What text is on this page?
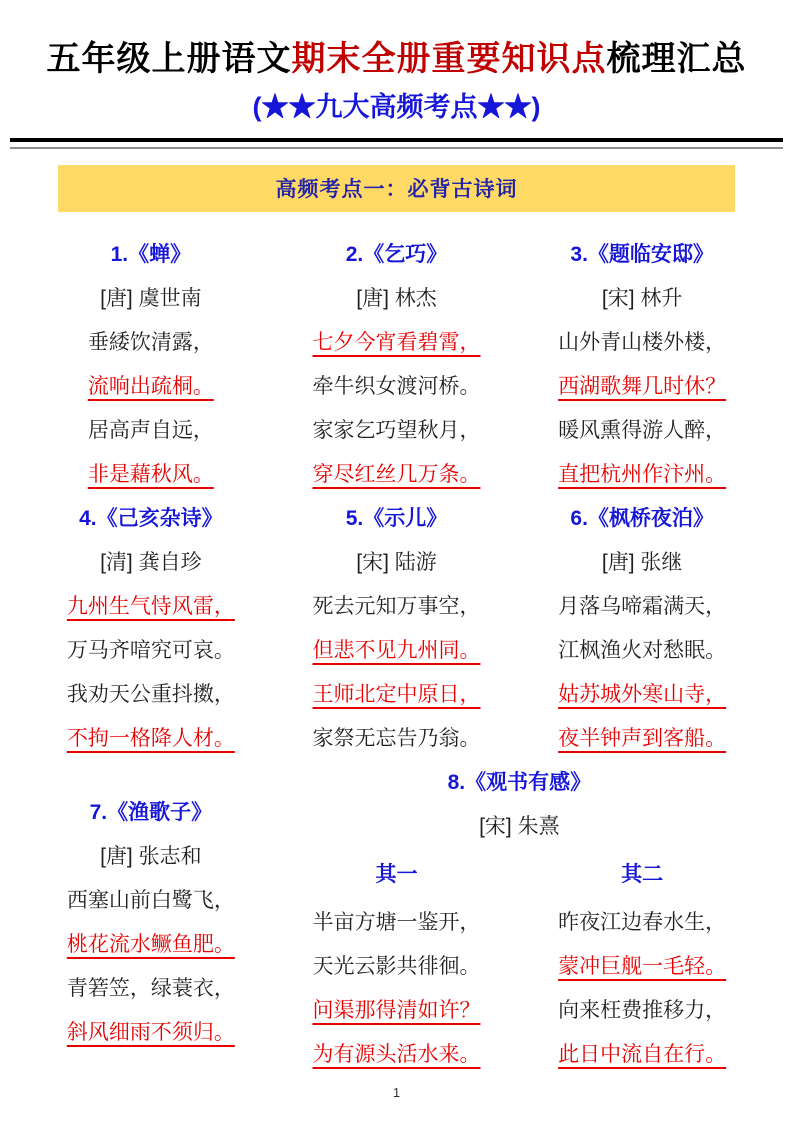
五年级上册语文期末全册重要知识点梳理汇总
(★★九大高频考点★★)
高频考点一：必背古诗词
1.《蝉》
[唐] 虞世南
垂緌饮清露，
流响出疏桐。
居高声自远，
非是藉秋风。
2.《乞巧》
[唐] 林杰
七夕今宵看碧霄，
牵牛织女渡河桥。
家家乞巧望秋月，
穿尽红丝几万条。
3.《题临安邸》
[宋] 林升
山外青山楼外楼，
西湖歌舞几时休？
暖风熏得游人醉，
直把杭州作汴州。
4.《己亥杂诗》
[清] 龚自珍
九州生气恃风雷，
万马齐喑究可哀。
我劝天公重抖擞，
不拘一格降人材。
5.《示儿》
[宋] 陆游
死去元知万事空，
但悲不见九州同。
王师北定中原日，
家祭无忘告乃翁。
6.《枫桥夜泊》
[唐] 张继
月落乌啼霜满天，
江枫渔火对愁眠。
姑苏城外寒山寺，
夜半钟声到客船。
7.《渔歌子》
[唐] 张志和
西塞山前白鹭飞，
桃花流水鳜鱼肥。
青箬笠，绿蓑衣，
斜风细雨不须归。
8.《观书有感》
[宋] 朱熹
其一
半亩方塘一鉴开，
天光云影共徘徊。
问渠那得清如许？
为有源头活水来。
其二
昨夜江边春水生，
蒙冲巨舰一毛轻。
向来枉费推移力，
此日中流自在行。
1
